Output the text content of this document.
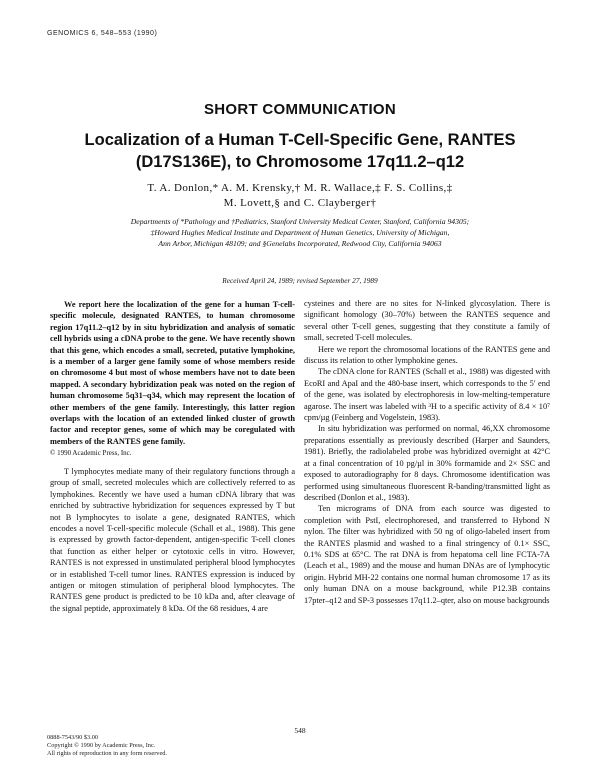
GENOMICS 6, 548–553 (1990)
SHORT COMMUNICATION
Localization of a Human T-Cell-Specific Gene, RANTES
(D17S136E), to Chromosome 17q11.2–q12
T. A. Donlon,* A. M. Krensky,† M. R. Wallace,‡ F. S. Collins,‡
M. Lovett,§ and C. Clayberger†
Departments of *Pathology and †Pediatrics, Stanford University Medical Center, Stanford, California 94305;
‡Howard Hughes Medical Institute and Department of Human Genetics, University of Michigan,
Ann Arbor, Michigan 48109; and §Genelabs Incorporated, Redwood City, California 94063
Received April 24, 1989; revised September 27, 1989

We report here the localization of the gene for a human T-cell-specific molecule, designated RANTES, to human chromosome region 17q11.2–q12 by in situ hybridization and analysis of somatic cell hybrids using a cDNA probe to the gene. We have recently shown that this gene, which encodes a small, secreted, putative lymphokine, is a member of a larger gene family some of whose members reside on chromosome 4 but most of whose members have not to date been mapped. A secondary hybridization peak was noted on the region of human chromosome 5q31–q34, which may represent the location of other members of the gene family. Interestingly, this latter region overlaps with the location of an extended linked cluster of growth factor and receptor genes, some of which may be coregulated with members of the RANTES gene family.

© 1990 Academic Press, Inc.

T lymphocytes mediate many of their regulatory functions through a group of small, secreted molecules which are collectively referred to as lymphokines. Recently we have used a human cDNA library that was enriched by subtractive hybridization for sequences expressed by T but not B lymphocytes to isolate a gene, designated RANTES, which encodes a novel T-cell-specific molecule (Schall et al., 1988). This gene is expressed by growth factor-dependent, antigen-specific T-cell clones that function as either helper or cytotoxic cells in vitro. However, RANTES is not expressed in unstimulated peripheral blood lymphocytes or in established T-cell tumor lines. RANTES expression is induced by antigen or mitogen stimulation of peripheral blood lymphocytes. The RANTES gene product is predicted to be 10 kDa and, after cleavage of the signal peptide, approximately 8 kDa. Of the 68 residues, 4 are

cysteines and there are no sites for N-linked glycosylation. There is significant homology (30–70%) between the RANTES sequence and several other T-cell genes, suggesting that they constitute a family of small, secreted T-cell molecules.

Here we report the chromosomal locations of the RANTES gene and discuss its relation to other lymphokine genes.

The cDNA clone for RANTES (Schall et al., 1988) was digested with EcoRI and ApaI and the 480-base insert, which corresponds to the 5′ end of the gene, was isolated by electrophoresis in low-melting-temperature agarose. The insert was labeled with ³H to a specific activity of 8.4 × 10⁷ cpm/µg (Feinberg and Vogelstein, 1983).

In situ hybridization was performed on normal, 46,XX chromosome preparations essentially as previously described (Harper and Saunders, 1981). Briefly, the radiolabeled probe was hybridized overnight at 42°C at a final concentration of 10 pg/µl in 30% formamide and 2× SSC and exposed to autoradiography for 8 days. Chromosome identification was performed using simultaneous fluorescent R-banding/transmitted light as described (Donlon et al., 1983).

Ten micrograms of DNA from each source was digested to completion with PstI, electrophoresed, and transferred to Hybond N nylon. The filter was hybridized with 50 ng of oligo-labeled insert from the RANTES plasmid and washed to a final stringency of 0.1× SSC, 0.1% SDS at 65°C. The rat DNA is from hepatoma cell line FCTA-7A (Leach et al., 1989) and the mouse and human DNAs are of lymphocytic origin. Hybrid MH-22 contains one normal human chromosome 17 as its only human DNA on a mouse background, while P12.3B contains 17pter–q12 and SP-3 possesses 17q11.2–qter, also on mouse backgrounds

548
0888-7543/90 $3.00
Copyright © 1990 by Academic Press, Inc.
All rights of reproduction in any form reserved.
